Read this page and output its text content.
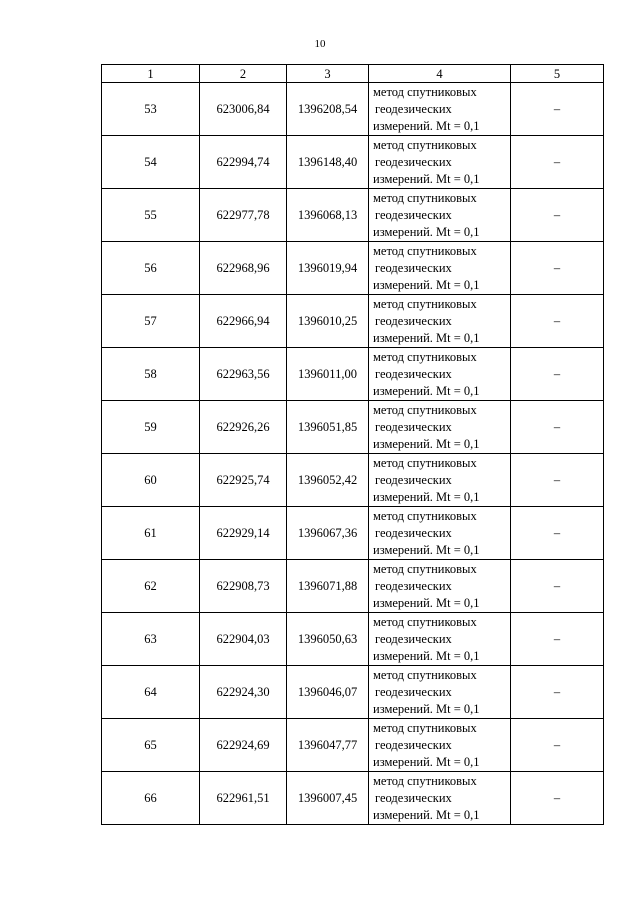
10
1	2	3	4	5
53	623006,84	1396208,54	метод спутниковых
геодезических
измерений. Mt = 0,1	–
54	622994,74	1396148,40	метод спутниковых
геодезических
измерений. Mt = 0,1	–
55	622977,78	1396068,13	метод спутниковых
геодезических
измерений. Mt = 0,1	–
56	622968,96	1396019,94	метод спутниковых
геодезических
измерений. Mt = 0,1	–
57	622966,94	1396010,25	метод спутниковых
геодезических
измерений. Mt = 0,1	–
58	622963,56	1396011,00	метод спутниковых
геодезических
измерений. Mt = 0,1	–
59	622926,26	1396051,85	метод спутниковых
геодезических
измерений. Mt = 0,1	–
60	622925,74	1396052,42	метод спутниковых
геодезических
измерений. Mt = 0,1	–
61	622929,14	1396067,36	метод спутниковых
геодезических
измерений. Mt = 0,1	–
62	622908,73	1396071,88	метод спутниковых
геодезических
измерений. Mt = 0,1	–
63	622904,03	1396050,63	метод спутниковых
геодезических
измерений. Mt = 0,1	–
64	622924,30	1396046,07	метод спутниковых
геодезических
измерений. Mt = 0,1	–
65	622924,69	1396047,77	метод спутниковых
геодезических
измерений. Mt = 0,1	–
66	622961,51	1396007,45	метод спутниковых
геодезических
измерений. Mt = 0,1	–
